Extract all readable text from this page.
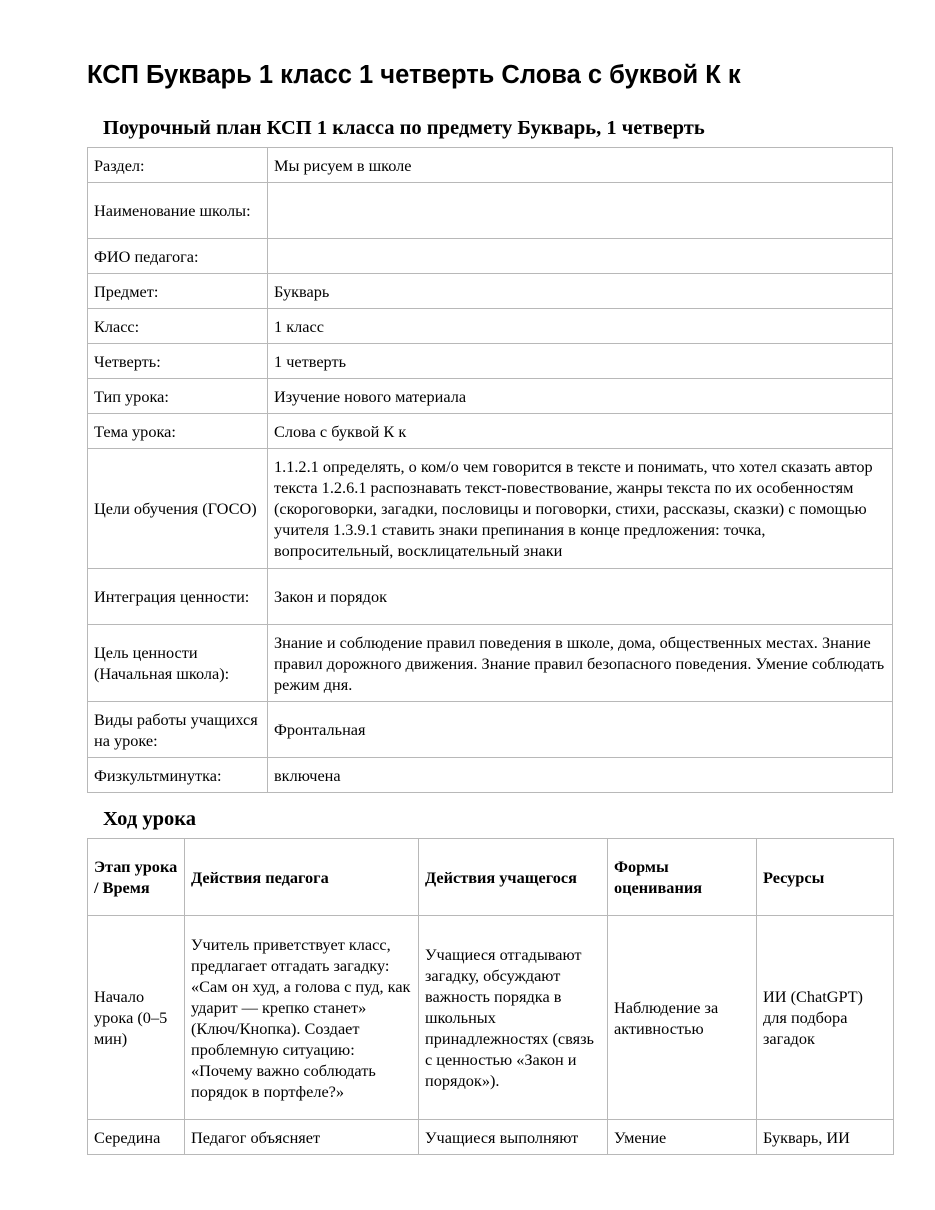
КСП Букварь 1 класс 1 четверть Слова с буквой К к
Поурочный план КСП 1 класса по предмету Букварь, 1 четверть
Раздел:	Мы рисуем в школе
Наименование школы:	
ФИО педагога:	
Предмет:	Букварь
Класс:	1 класс
Четверть:	1 четверть
Тип урока:	Изучение нового материала
Тема урока:	Слова с буквой К к
Цели обучения (ГОСО)	1.1.2.1 определять, о ком/о чем говорится в тексте и понимать, что хотел сказать автор текста 1.2.6.1 распознавать текст-повествование, жанры текста по их особенностям (скороговорки, загадки, пословицы и поговорки, стихи, рассказы, сказки) с помощью учителя 1.3.9.1 ставить знаки препинания в конце предложения: точка, вопросительный, восклицательный знаки
Интеграция ценности:	Закон и порядок
Цель ценности (Начальная школа):	Знание и соблюдение правил поведения в школе, дома, общественных местах. Знание правил дорожного движения. Знание правил безопасного поведения. Умение соблюдать режим дня.
Виды работы учащихся на уроке:	Фронтальная
Физкультминутка:	включена
Ход урока
Этап урока / Время	Действия педагога	Действия учащегося	Формы оценивания	Ресурсы
Начало урока (0–5 мин)	Учитель приветствует класс, предлагает отгадать загадку: «Сам он худ, а голова с пуд, как ударит — крепко станет» (Ключ/Кнопка). Создает проблемную ситуацию: «Почему важно соблюдать порядок в портфеле?»	Учащиеся отгадывают загадку, обсуждают важность порядка в школьных принадлежностях (связь с ценностью «Закон и порядок»).	Наблюдение за активностью	ИИ (ChatGPT) для подбора загадок
Середина	Педагог объясняет	Учащиеся выполняют	Умение	Букварь, ИИ
